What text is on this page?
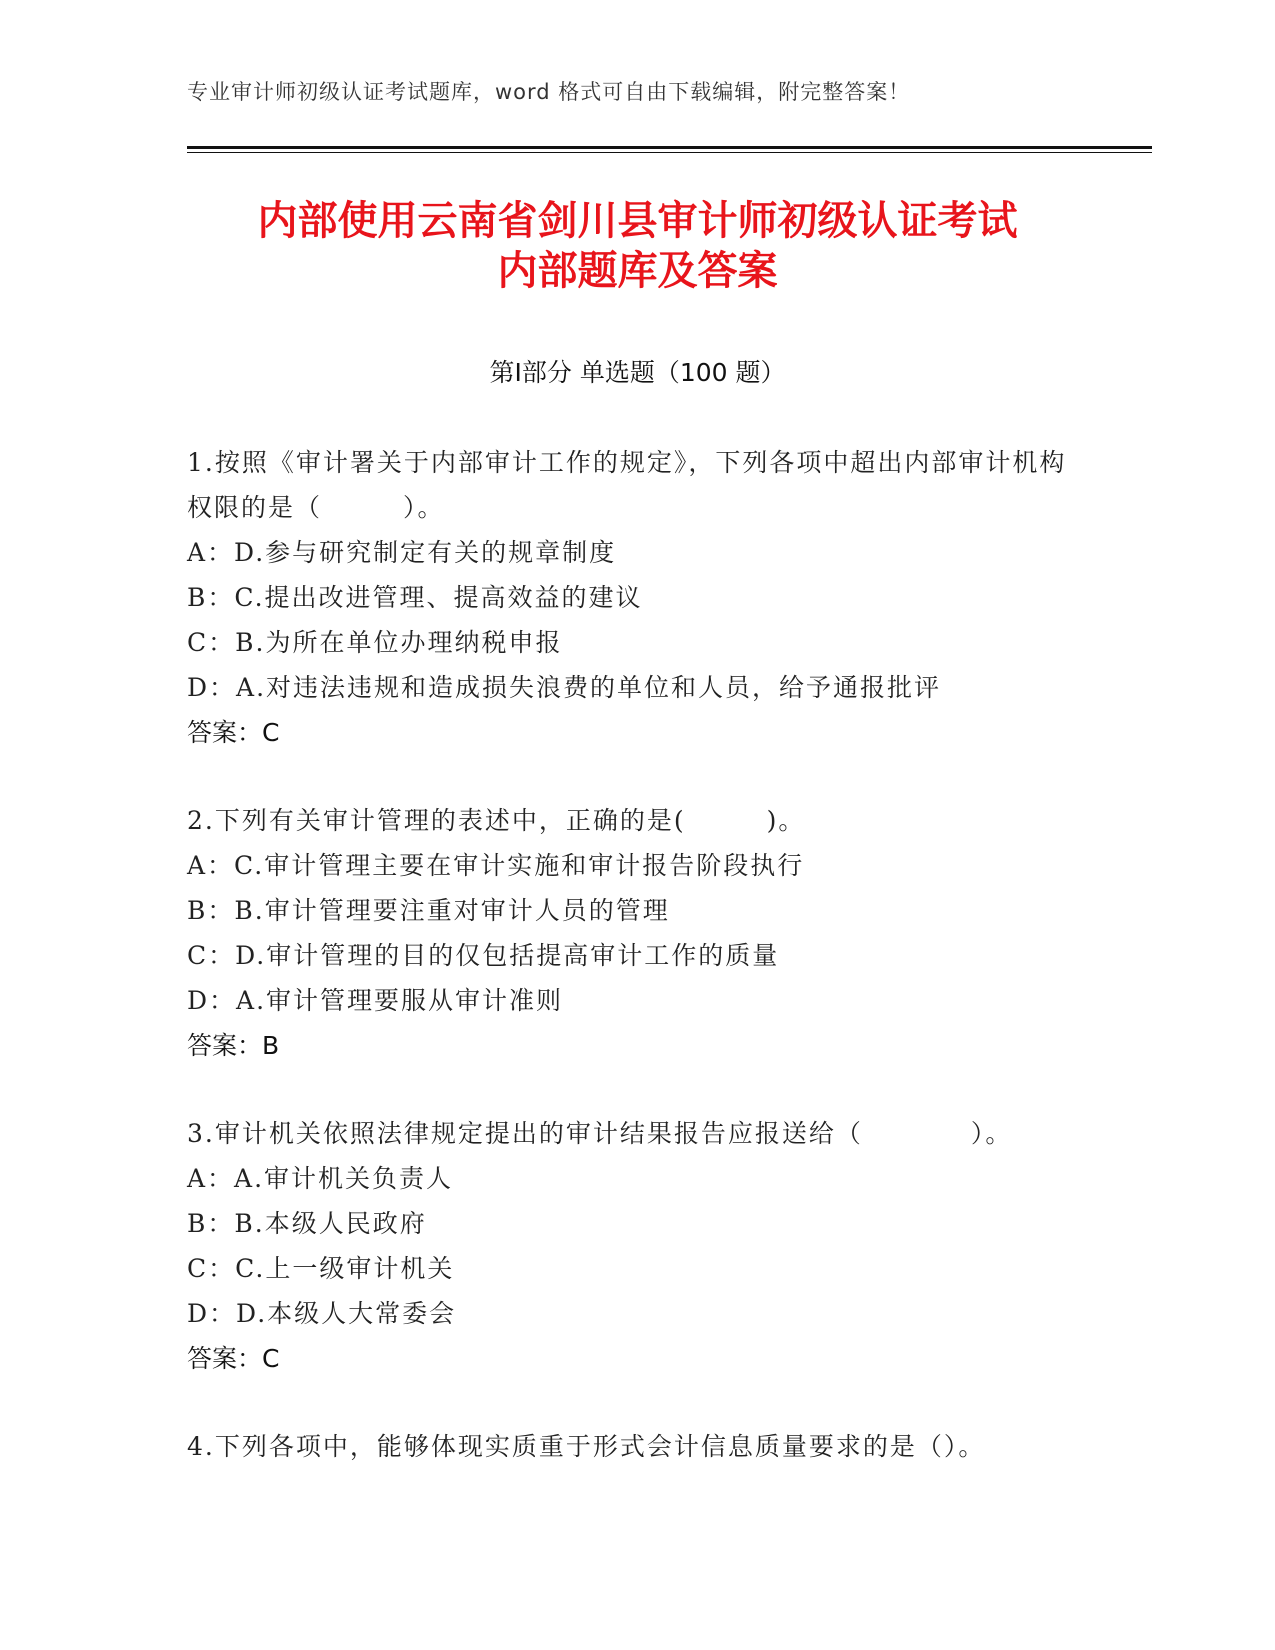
专业审计师初级认证考试题库，word 格式可自由下载编辑，附完整答案！
内部使用云南省剑川县审计师初级认证考试
内部题库及答案
第Ⅰ部分 单选题（100 题）
1.按照《审计署关于内部审计工作的规定》，下列各项中超出内部审计机构权限的是（　　　）。
A：D.参与研究制定有关的规章制度
B：C.提出改进管理、提高效益的建议
C：B.为所在单位办理纳税申报
D：A.对违法违规和造成损失浪费的单位和人员，给予通报批评
答案：C
2.下列有关审计管理的表述中，正确的是(　　　)。
A：C.审计管理主要在审计实施和审计报告阶段执行
B：B.审计管理要注重对审计人员的管理
C：D.审计管理的目的仅包括提高审计工作的质量
D：A.审计管理要服从审计准则
答案：B
3.审计机关依照法律规定提出的审计结果报告应报送给（　　　　）。
A：A.审计机关负责人
B：B.本级人民政府
C：C.上一级审计机关
D：D.本级人大常委会
答案：C
4.下列各项中，能够体现实质重于形式会计信息质量要求的是（）。
